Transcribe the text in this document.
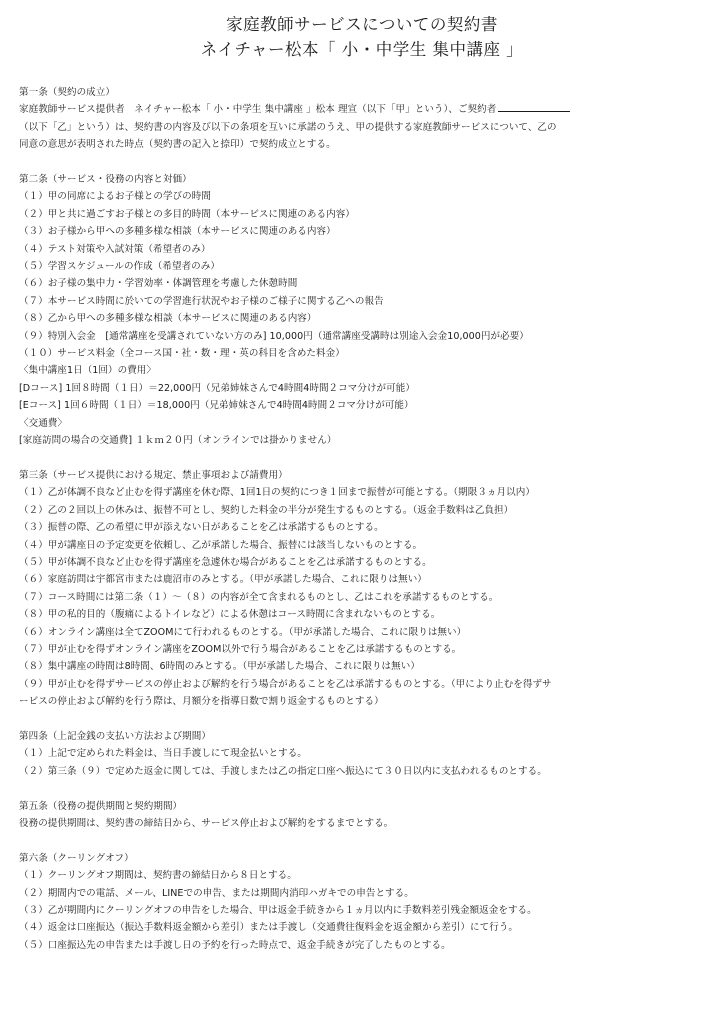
家庭教師サービスについての契約書
ネイチャー松本「 小・中学生 集中講座 」
第一条（契約の成立）
家庭教師サービス提供者　ネイチャー松本「 小・中学生 集中講座 」松本 理宣（以下「甲」という）、ご契約者
（以下「乙」という）は、契約書の内容及び以下の条項を互いに承諾のうえ、甲の提供する家庭教師サービスについて、乙の
同意の意思が表明された時点（契約書の記入と捺印）で契約成立とする。
第二条（サービス・役務の内容と対価）
（１）甲の同席によるお子様との学びの時間
（２）甲と共に過ごすお子様との多目的時間（本サービスに関連のある内容）
（３）お子様から甲への多種多様な相談（本サービスに関連のある内容）
（４）テスト対策や入試対策（希望者のみ）
（５）学習スケジュールの作成（希望者のみ）
（６）お子様の集中力・学習効率・体調管理を考慮した休憩時間
（７）本サービス時間に於いての学習進行状況やお子様のご様子に関する乙への報告
（８）乙から甲への多種多様な相談（本サービスに関連のある内容）
（９）特別入会金　[通常講座を受講されていない方のみ] 10,000円（通常講座受講時は別途入会金10,000円が必要）
（１０）サービス料金（全コース国・社・数・理・英の科目を含めた料金）
〈集中講座1日（1回）の費用〉
[Dコース] 1回８時間（１日）＝22,000円（兄弟姉妹さんで4時間4時間２コマ分けが可能）
[Eコース] 1回６時間（１日）＝18,000円（兄弟姉妹さんで4時間4時間２コマ分けが可能）
〈交通費〉
[家庭訪問の場合の交通費] １ｋｍ２０円（オンラインでは掛かりません）
第三条（サービス提供における規定、禁止事項および請費用）
（１）乙が体調不良など止むを得ず講座を休む際、1回1日の契約につき１回まで振替が可能とする。（期限３ヵ月以内）
（２）乙の２回以上の休みは、振替不可とし、契約した料金の半分が発生するものとする。（返金手数料は乙負担）
（３）振替の際、乙の希望に甲が添えない日があることを乙は承諾するものとする。
（４）甲が講座日の予定変更を依頼し、乙が承諾した場合、振替には該当しないものとする。
（５）甲が体調不良など止むを得ず講座を急遽休む場合があることを乙は承諾するものとする。
（６）家庭訪問は宇都宮市または鹿沼市のみとする。（甲が承諾した場合、これに限りは無い）
（７）コース時間には第二条（１）～（８）の内容が全て含まれるものとし、乙はこれを承諾するものとする。
（８）甲の私的目的（腹痛によるトイレなど）による休憩はコース時間に含まれないものとする。
（６）オンライン講座は全てZOOMにて行われるものとする。（甲が承諾した場合、これに限りは無い）
（７）甲が止むを得ずオンライン講座をZOOM以外で行う場合があることを乙は承諾するものとする。
（８）集中講座の時間は8時間、6時間のみとする。（甲が承諾した場合、これに限りは無い）
（９）甲が止むを得ずサービスの停止および解約を行う場合があることを乙は承諾するものとする。（甲により止むを得ずサ
ービスの停止および解約を行う際は、月額分を指導日数で割り返金するものとする）
第四条（上記金銭の支払い方法および期間）
（１）上記で定められた料金は、当日手渡しにて現金払いとする。
（２）第三条（９）で定めた返金に関しては、手渡しまたは乙の指定口座へ振込にて３０日以内に支払われるものとする。
第五条（役務の提供期間と契約期間）
役務の提供期間は、契約書の締結日から、サービス停止および解約をするまでとする。
第六条（クーリングオフ）
（１）クーリングオフ期間は、契約書の締結日から８日とする。
（２）期間内での電話、メール、LINEでの申告、または期間内消印ハガキでの申告とする。
（３）乙が期間内にクーリングオフの申告をした場合、甲は返金手続きから１ヵ月以内に手数料差引残金額返金をする。
（４）返金は口座振込（振込手数料返金額から差引）または手渡し（交通費往復料金を返金額から差引）にて行う。
（５）口座振込先の申告または手渡し日の予約を行った時点で、返金手続きが完了したものとする。
